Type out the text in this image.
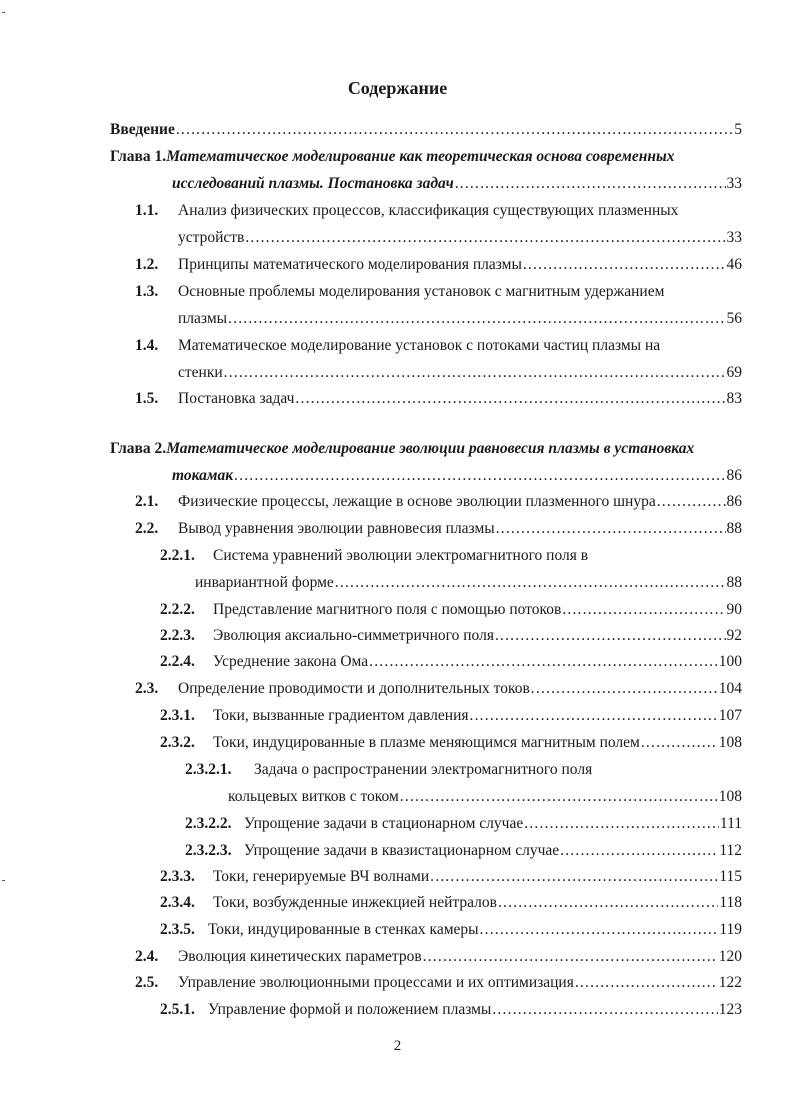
Содержание
Введение .....	5
Глава 1. Математическое моделирование как теоретическая основа современных
исследований плазмы. Постановка задач .....	33
1.1. Анализ физических процессов, классификация существующих плазменных
устройств .....	33
1.2. Принципы математического моделирования плазмы .....	46
1.3. Основные проблемы моделирования установок с магнитным удержанием
плазмы .....	56
1.4. Математическое моделирование установок с потоками частиц плазмы на
стенки .....	69
1.5. Постановка задач .....	83
Глава 2. Математическое моделирование эволюции равновесия плазмы в установках
токамак .....	86
2.1. Физические процессы, лежащие в основе эволюции плазменного шнура .....	86
2.2. Вывод уравнения эволюции равновесия плазмы .....	88
2.2.1. Система уравнений эволюции электромагнитного поля в
инвариантной форме .....	88
2.2.2. Представление магнитного поля с помощью потоков .....	90
2.2.3. Эволюция аксиально-симметричного поля .....	92
2.2.4. Усреднение закона Ома .....	100
2.3. Определение проводимости и дополнительных токов .....	104
2.3.1. Токи, вызванные градиентом давления .....	107
2.3.2. Токи, индуцированные в плазме меняющимся магнитным полем .....	108
2.3.2.1. Задача о распространении электромагнитного поля
кольцевых витков с током .....	108
2.3.2.2. Упрощение задачи в стационарном случае .....	111
2.3.2.3. Упрощение задачи в квазистационарном случае .....	112
2.3.3. Токи, генерируемые ВЧ волнами .....	115
2.3.4. Токи, возбужденные инжекцией нейтралов .....	118
2.3.5. Токи, индуцированные в стенках камеры .....	119
2.4. Эволюция кинетических параметров .....	120
2.5. Управление эволюционными процессами и их оптимизация .....	122
2.5.1. Управление формой и положением плазмы .....	123
2
